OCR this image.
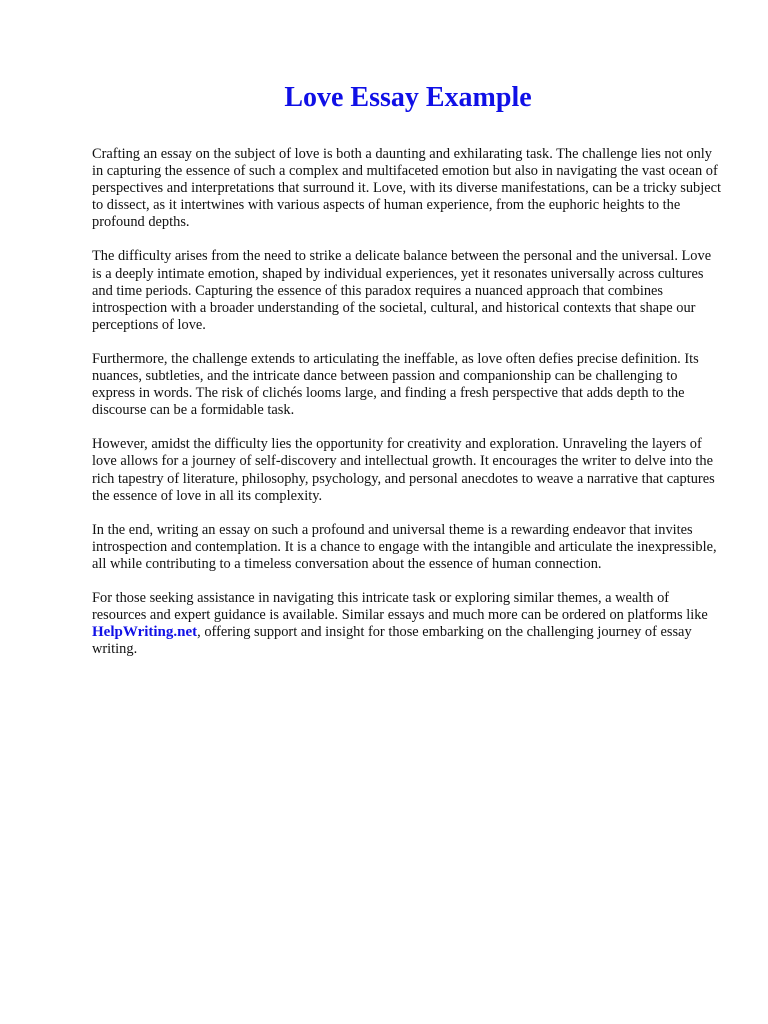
Love Essay Example

Crafting an essay on the subject of love is both a daunting and exhilarating task. The challenge lies not only in capturing the essence of such a complex and multifaceted emotion but also in navigating the vast ocean of perspectives and interpretations that surround it. Love, with its diverse manifestations, can be a tricky subject to dissect, as it intertwines with various aspects of human experience, from the euphoric heights to the profound depths.

The difficulty arises from the need to strike a delicate balance between the personal and the universal. Love is a deeply intimate emotion, shaped by individual experiences, yet it resonates universally across cultures and time periods. Capturing the essence of this paradox requires a nuanced approach that combines introspection with a broader understanding of the societal, cultural, and historical contexts that shape our perceptions of love.

Furthermore, the challenge extends to articulating the ineffable, as love often defies precise definition. Its nuances, subtleties, and the intricate dance between passion and companionship can be challenging to express in words. The risk of clichés looms large, and finding a fresh perspective that adds depth to the discourse can be a formidable task.

However, amidst the difficulty lies the opportunity for creativity and exploration. Unraveling the layers of love allows for a journey of self-discovery and intellectual growth. It encourages the writer to delve into the rich tapestry of literature, philosophy, psychology, and personal anecdotes to weave a narrative that captures the essence of love in all its complexity.

In the end, writing an essay on such a profound and universal theme is a rewarding endeavor that invites introspection and contemplation. It is a chance to engage with the intangible and articulate the inexpressible, all while contributing to a timeless conversation about the essence of human connection.

For those seeking assistance in navigating this intricate task or exploring similar themes, a wealth of resources and expert guidance is available. Similar essays and much more can be ordered on platforms like HelpWriting.net, offering support and insight for those embarking on the challenging journey of essay writing.
